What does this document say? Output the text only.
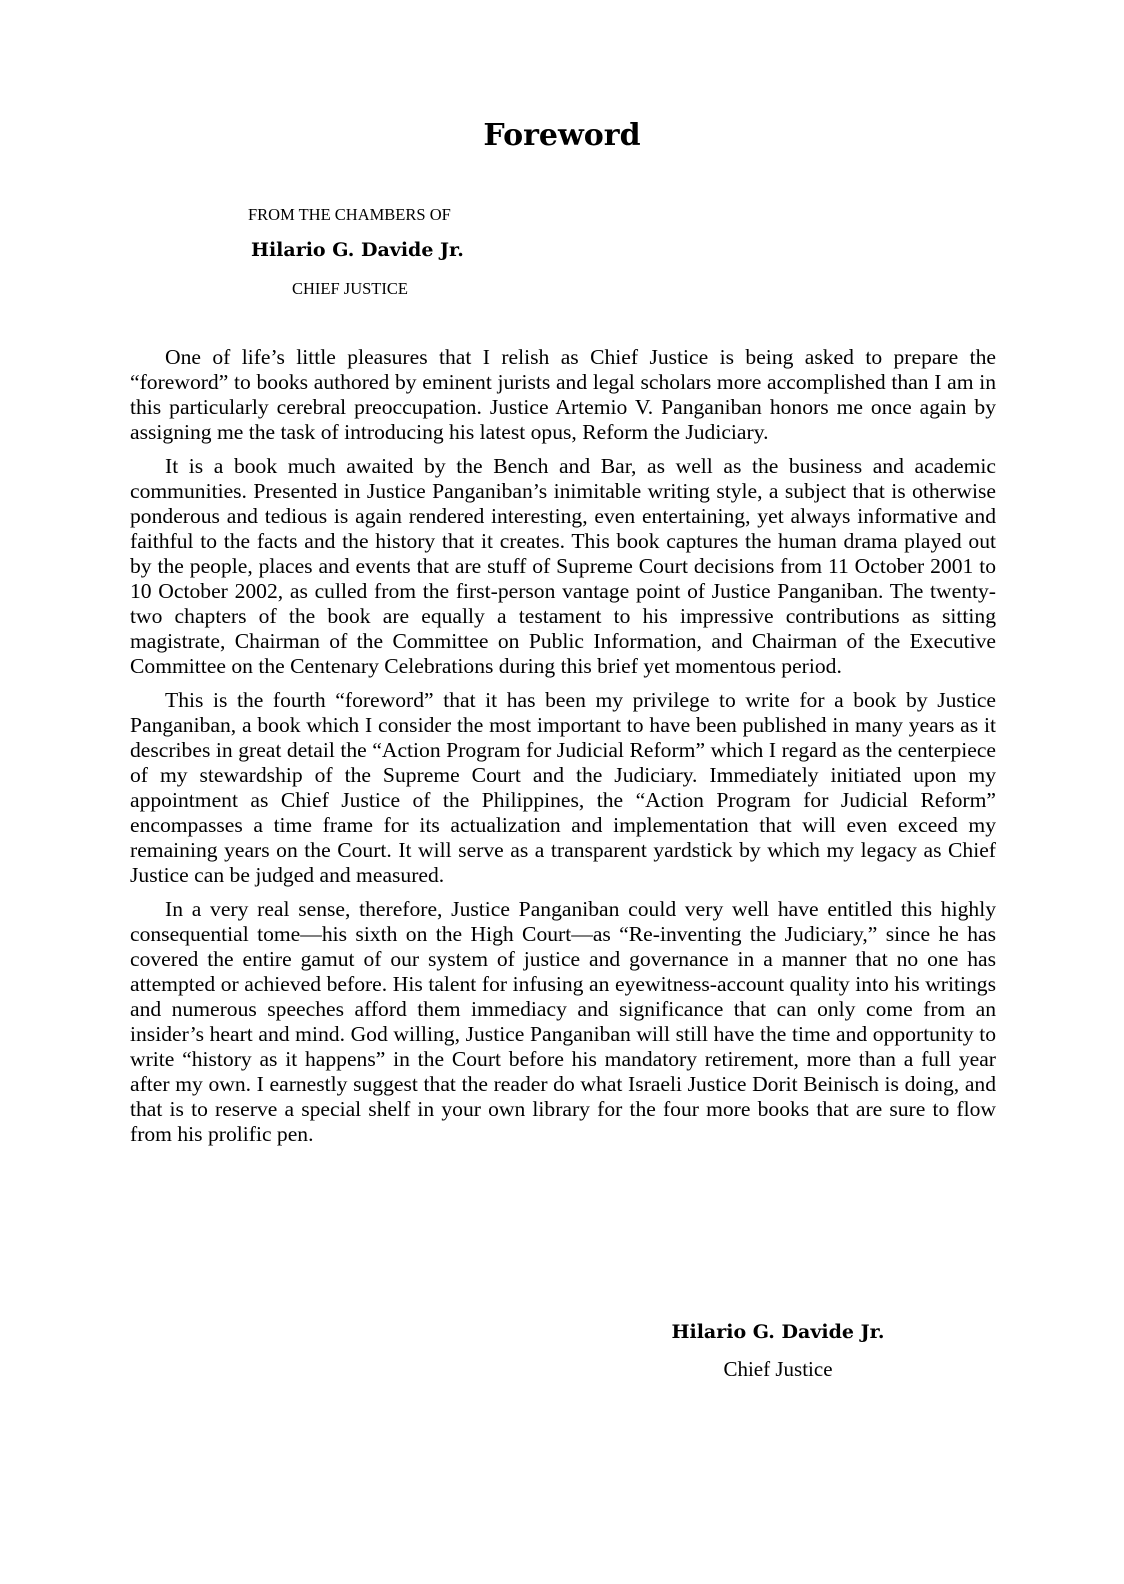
Foreword

FROM THE CHAMBERS OF

Hilario G. Davide Jr.

CHIEF JUSTICE

One of life’s little pleasures that I relish as Chief Justice is being asked to prepare the “foreword” to books authored by eminent jurists and legal scholars more accomplished than I am in this particularly cerebral preoccupation. Justice Artemio V. Panganiban honors me once again by assigning me the task of introducing his latest opus, Reform the Judiciary.

It is a book much awaited by the Bench and Bar, as well as the business and academic communities. Presented in Justice Panganiban’s inimitable writing style, a subject that is otherwise ponderous and tedious is again rendered interesting, even entertaining, yet always informative and faithful to the facts and the history that it creates. This book captures the human drama played out by the people, places and events that are stuff of Supreme Court decisions from 11 October 2001 to 10 October 2002, as culled from the first-person vantage point of Justice Panganiban. The twenty-two chapters of the book are equally a testament to his impressive contributions as sitting magistrate, Chairman of the Committee on Public Information, and Chairman of the Executive Committee on the Centenary Celebrations during this brief yet momentous period.

This is the fourth “foreword” that it has been my privilege to write for a book by Justice Panganiban, a book which I consider the most important to have been published in many years as it describes in great detail the “Action Program for Judicial Reform” which I regard as the centerpiece of my stewardship of the Supreme Court and the Judiciary. Immediately initiated upon my appointment as Chief Justice of the Philippines, the “Action Program for Judicial Reform” encompasses a time frame for its actualization and implementation that will even exceed my remaining years on the Court. It will serve as a transparent yardstick by which my legacy as Chief Justice can be judged and measured.

In a very real sense, therefore, Justice Panganiban could very well have entitled this highly consequential tome—his sixth on the High Court—as “Re-inventing the Judiciary,” since he has covered the entire gamut of our system of justice and governance in a manner that no one has attempted or achieved before. His talent for infusing an eyewitness-account quality into his writings and numerous speeches afford them immediacy and significance that can only come from an insider’s heart and mind. God willing, Justice Panganiban will still have the time and opportunity to write “history as it happens” in the Court before his mandatory retirement, more than a full year after my own. I earnestly suggest that the reader do what Israeli Justice Dorit Beinisch is doing, and that is to reserve a special shelf in your own library for the four more books that are sure to flow from his prolific pen.

Hilario G. Davide Jr.

Chief Justice
